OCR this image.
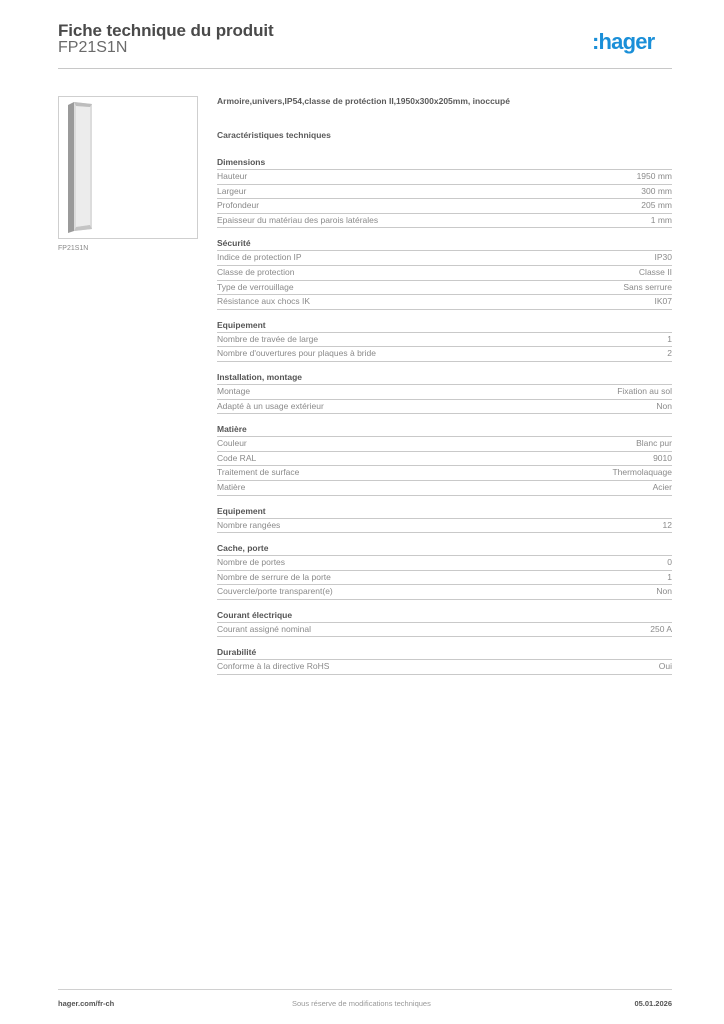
Fiche technique du produit
FP21S1N	:hager
FP21S1N
Armoire,univers,IP54,classe de protéction II,1950x300x205mm, inoccupé
Caractéristiques techniques
Dimensions
Hauteur	1950 mm
Largeur	300 mm
Profondeur	205 mm
Epaisseur du matériau des parois latérales	1 mm
Sécurité
Indice de protection IP	IP30
Classe de protection	Classe II
Type de verrouillage	Sans serrure
Résistance aux chocs IK	IK07
Equipement
Nombre de travée de large	1
Nombre d'ouvertures pour plaques à bride	2
Installation, montage
Montage	Fixation au sol
Adapté à un usage extérieur	Non
Matière
Couleur	Blanc pur
Code RAL	9010
Traitement de surface	Thermolaquage
Matière	Acier
Equipement
Nombre rangées	12
Cache, porte
Nombre de portes	0
Nombre de serrure de la porte	1
Couvercle/porte transparent(e)	Non
Courant électrique
Courant assigné nominal	250 A
Durabilité
Conforme à la directive RoHS	Oui
hager.com/fr-ch	Sous réserve de modifications techniques	05.01.2026
